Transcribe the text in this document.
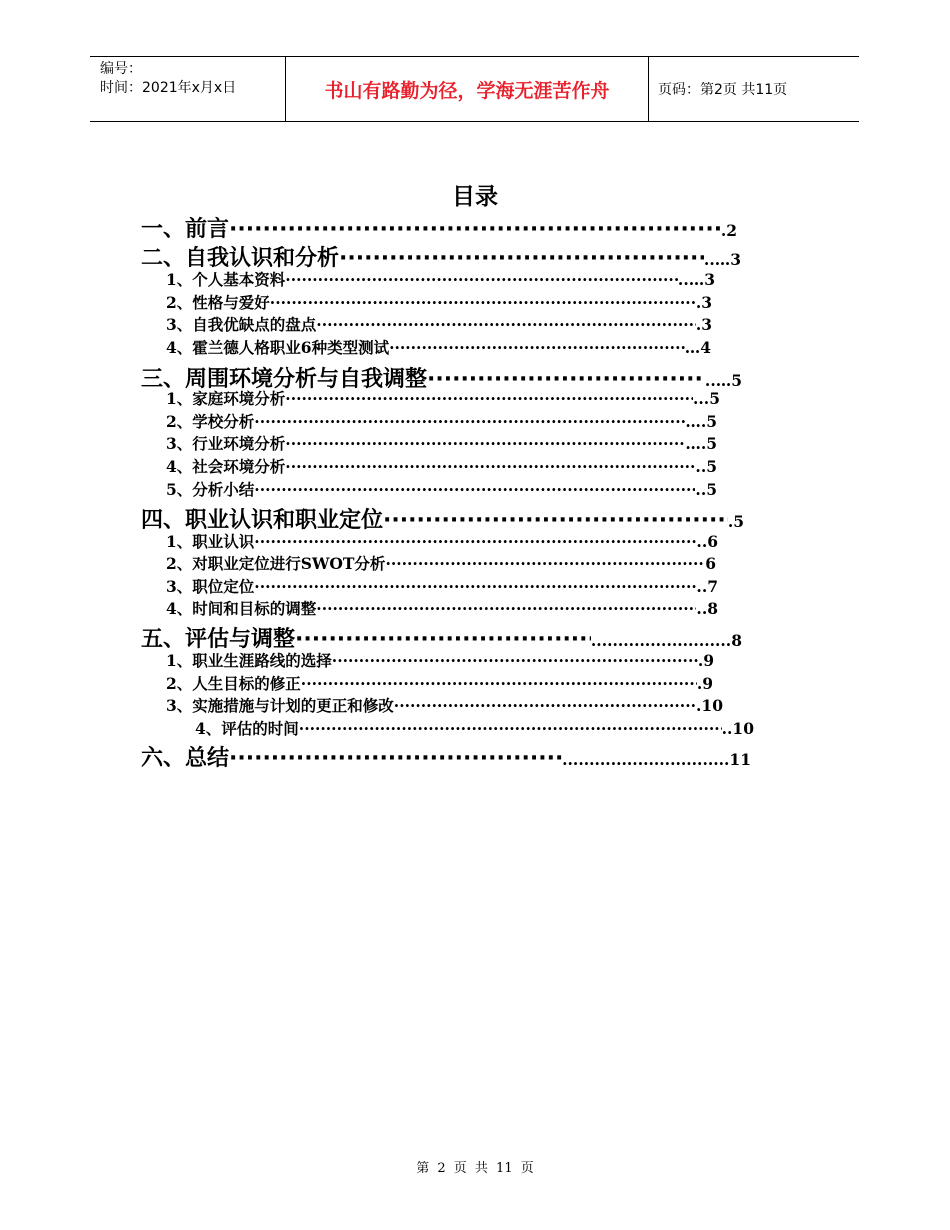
编号：
时间：2021年x月x日	书山有路勤为径，学海无涯苦作舟	页码：第2页 共11页
目录
一、前言 ·····	.2
二、自我认识和分析 ·····	..…3
1、个人基本资料 ·····	..…3
2、性格与爱好 ·····	.3
3、自我优缺点的盘点 ·····	.3
4、霍兰德人格职业6种类型测试 ·····	…4
三、周围环境分析与自我调整 ·····	..…5
1、家庭环境分析 ·····	...5
2、学校分析 ·····	….5
3、行业环境分析 ·····	….5
4、社会环境分析 ·····	..5
5、分析小结 ·····	..5
四、职业认识和职业定位 ·····	.5
1、职业认识 ·····	..6
2、对职业定位进行SWOT分析 ·····	6
3、职位定位 ·····	..7
4、时间和目标的调整 ·····	..8
五、评估与调整 ·····	..........................8
1、职业生涯路线的选择 ·····	.9
2、人生目标的修正 ·····	.9
3、实施措施与计划的更正和修改 ·····	.10
4、评估的时间 ·····	..10
六、总结 ·····	...............................11
第 2 页 共 11 页
